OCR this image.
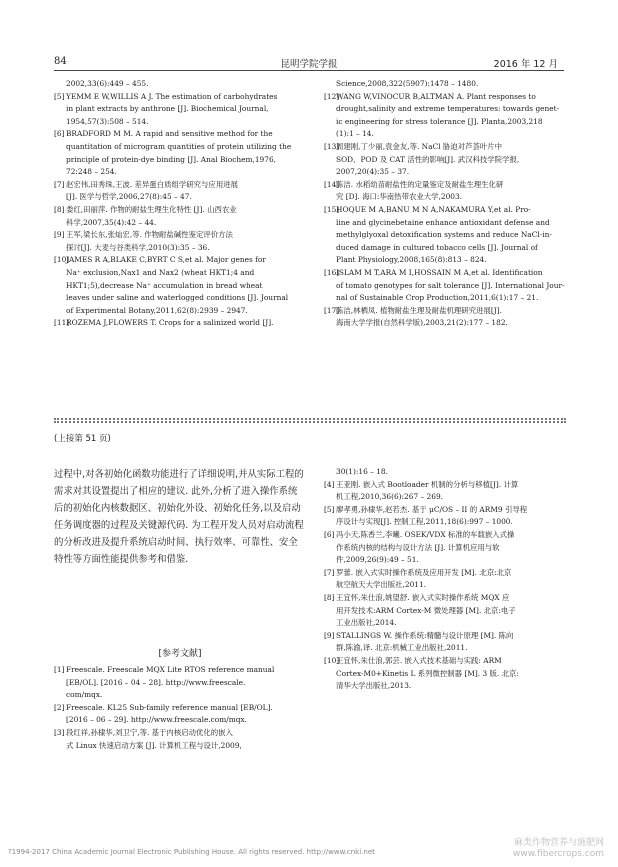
84	昆明学院学报	2016 年 12 月
2002,33(6):449 – 455.
[5] YEMM E W,WILLIS A J. The estimation of carbohydrates
in plant extracts by anthrone [J]. Biochemical Journal,
1954,57(3):508 – 514.
[6] BRADFORD M M. A rapid and sensitive method for the
quantitation of microgram quantities of protein utilizing the
principle of protein-dye binding [J]. Anal Biochem,1976,
72:248 – 254.
[7] 赵宏伟,田秀珠,王波. 差异蛋白质组学研究与应用进展
[J]. 医学与哲学,2006,27(8):45 – 47.
[8] 娄红,田丽萍. 作物的耐盐生理生化特性 [J]. 山西农业
科学,2007,35(4):42 – 44.
[9] 王军,梁长东,张灿宏,等. 作物耐盐碱性鉴定评价方法
探讨[J]. 大麦与谷类科学,2010(3):35 – 36.
[10]
JAMES R A,BLAKE C,BYRT C S,et al. Major genes for
Na⁺ exclusion,Nax1 and Nax2 (wheat HKT1;4 and
HKT1;5),decrease Na⁺ accumulation in bread wheat
leaves under saline and waterlogged conditions [J]. Journal
of Experimental Botany,2011,62(8):2939 – 2947.
[11]
ROZEMA J,FLOWERS T. Crops for a salinized world [J].
Science,2008,322(5907):1478 – 1480.
[12]
WANG W,VINOCUR B,ALTMAN A. Plant responses to
drought,salinity and extreme temperatures: towards genet-
ic engineering for stress tolerance [J]. Planta,2003,218
(1):1 – 14.
[13]
周建刚,丁少丽,袁金友,等. NaCl 胁迫对芦荟叶片中
SOD、POD 及 CAT 活性的影响[J]. 武汉科技学院学报,
2007,20(4):35 – 37.
[14]
陈洁. 水稻幼苗耐盐性的定量鉴定及耐盐生理生化研
究 [D]. 海口:华南热带农业大学,2003.
[15]
HOQUE M A,BANU M N A,NAKAMURA Y,et al. Pro-
line and glycinebetaine enhance antioxidant defense and
methylglyoxal detoxification systems and reduce NaCl-in-
duced damage in cultured tobacco cells [J]. Journal of
Plant Physiology,2008,165(8):813 – 824.
[16]
ISLAM M T,ARA M I,HOSSAIN M A,et al. Identification
of tomato genotypes for salt tolerance [J]. International Jour-
nal of Sustainable Crop Production,2011,6(1):17 – 21.
[17]
陈洁,林栖凤. 植物耐盐生理及耐盐机理研究进展[J].
海南大学学报(自然科学版),2003,21(2):177 – 182.
(上接第 51 页)

过程中,对各初始化函数功能进行了详细说明,并从实际工程的需求对其设置提出了相应的建议. 此外,分析了进入操作系统后的初始化内核数据区、初始化外设、初始化任务,以及启动任务调度器的过程及关键源代码. 为工程开发人员对启动流程的分析改进及提升系统启动时间、执行效率、可靠性、安全特性等方面性能提供参考和借鉴.

[参考文献]
[1] Freescale. Freescale MQX Lite RTOS reference manual
[EB/OL]. [2016 – 04 – 28]. http://www.freescale.
com/mqx.
[2] Freescale. KL25 Sub-family reference manual [EB/OL].
[2016 – 06 – 29]. http://www.freescale.com/mqx.
[3] 段红祥,孙棣华,刘卫宁,等. 基于内核启动优化的嵌入
式 Linux 快速启动方案 [J]. 计算机工程与设计,2009,
30(1):16 – 18.
[4] 王亚刚. 嵌入式 Bootloader 机制的分析与移植[J]. 计算
机工程,2010,36(6):267 – 269.
[5] 廖孝勇,孙棣华,赵若杰. 基于 μC/OS – II 的 ARM9 引导程
序设计与实现[J]. 控制工程,2011,18(6):997 – 1000.
[6] 冯小天,陈香兰,李曦. OSEK/VDX 标准的车载嵌入式操
作系统内核的结构与设计方法 [J]. 计算机应用与软
件,2009,26(9):49 – 51.
[7] 罗蕾. 嵌入式实时操作系统及应用开发 [M]. 北京:北京
航空航天大学出版社,2011.
[8] 王宜怀,朱仕浪,姚望舒. 嵌入式实时操作系统 MQX 应
用开发技术:ARM Cortex-M 微处理器 [M]. 北京:电子
工业出版社,2014.
[9] STALLINGS W. 操作系统:精髓与设计原理 [M]. 陈向
群,陈渝,译. 北京:机械工业出版社,2011.
[10]
王宜怀,朱仕浪,郭芸. 嵌入式技术基础与实践: ARM
Cortex-M0+Kinetis L 系列微控制器 [M]. 3 版. 北京:
清华大学出版社,2013.
?1994-2017 China Academic Journal Electronic Publishing House. All rights reserved. http://www.cnki.net
麻类作物营养与施肥网
www.fibercrops.com
